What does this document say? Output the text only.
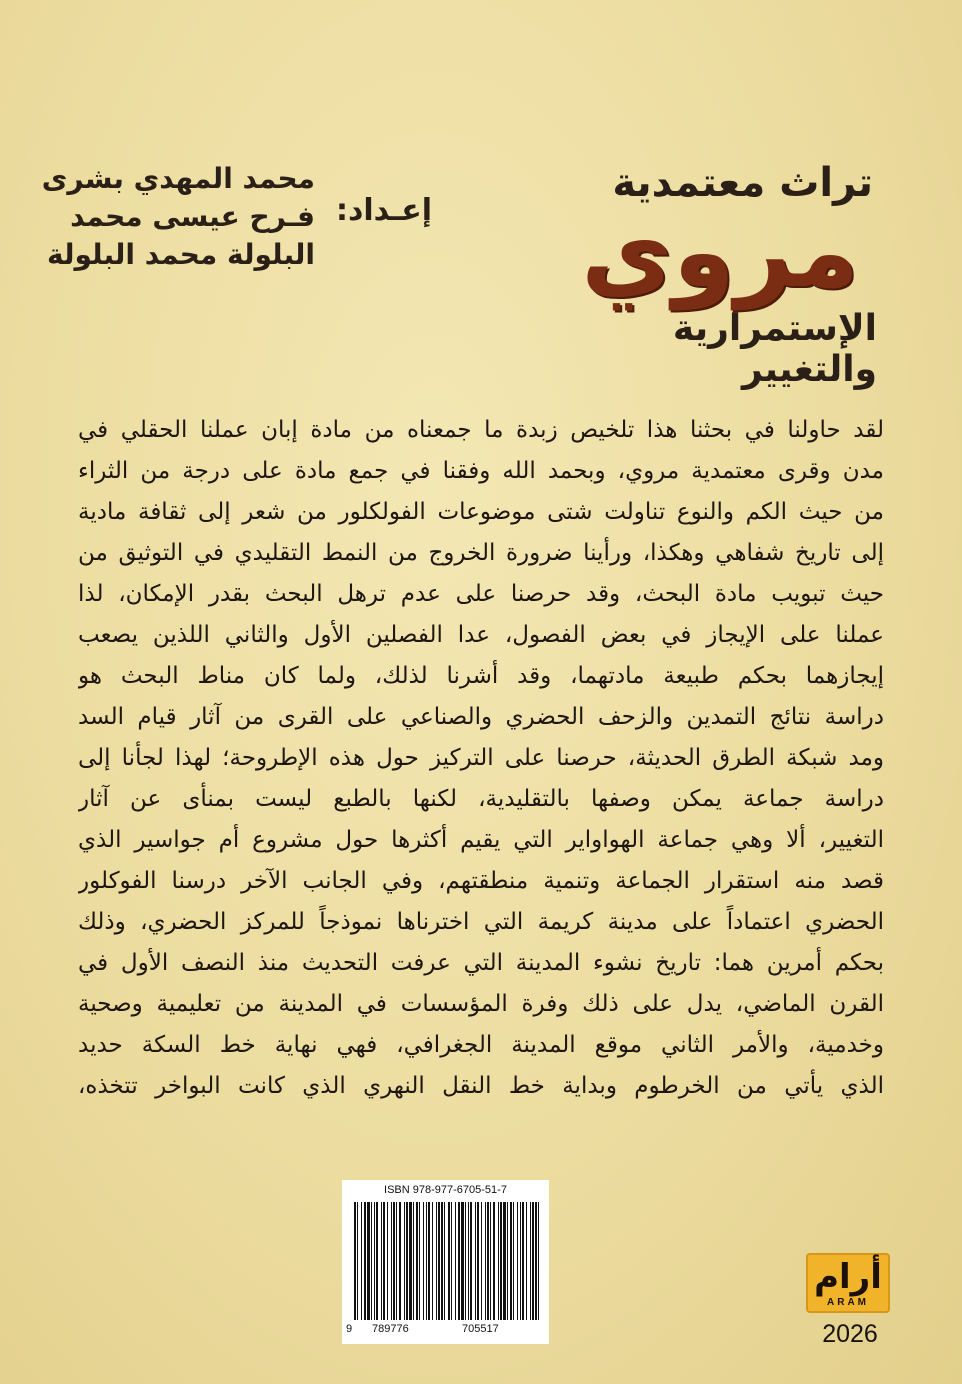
تراث معتمدية
مروي
الإستمرارية والتغيير
إعـداد:
محمد المهدي بشرى
فـرح عيسى محمد
البلولة محمد البلولة
لقد حاولنا في بحثنا هذا تلخيص زبدة ما جمعناه من مادة إبان عملنا الحقلي في
مدن وقرى معتمدية مروي، وبحمد الله وفقنا في جمع مادة على درجة من الثراء
من حيث الكم والنوع تناولت شتى موضوعات الفولكلور من شعر إلى ثقافة مادية
إلى تاريخ شفاهي وهكذا، ورأينا ضرورة الخروج من النمط التقليدي في التوثيق من
حيث تبويب مادة البحث، وقد حرصنا على عدم ترهل البحث بقدر الإمكان، لذا
عملنا على الإيجاز في بعض الفصول، عدا الفصلين الأول والثاني اللذين يصعب
إيجازهما بحكم طبيعة مادتهما، وقد أشرنا لذلك، ولما كان مناط البحث هو
دراسة نتائج التمدين والزحف الحضري والصناعي على القرى من آثار قيام السد
ومد شبكة الطرق الحديثة، حرصنا على التركيز حول هذه الإطروحة؛ لهذا لجأنا إلى
دراسة جماعة يمكن وصفها بالتقليدية، لكنها بالطبع ليست بمنأى عن آثار
التغيير، ألا وهي جماعة الهواواير التي يقيم أكثرها حول مشروع أم جواسير الذي
قصد منه استقرار الجماعة وتنمية منطقتهم، وفي الجانب الآخر درسنا الفوكلور
الحضري اعتماداً على مدينة كريمة التي اخترناها نموذجاً للمركز الحضري، وذلك
بحكم أمرين هما: تاريخ نشوء المدينة التي عرفت التحديث منذ النصف الأول في
القرن الماضي، يدل على ذلك وفرة المؤسسات في المدينة من تعليمية وصحية
وخدمية، والأمر الثاني موقع المدينة الجغرافي، فهي نهاية خط السكة حديد
الذي يأتي من الخرطوم وبداية خط النقل النهري الذي كانت البواخر تتخذه،
ISBN 978-977-6705-51-7
9 789776	705517
أرام
ARAM
2026
